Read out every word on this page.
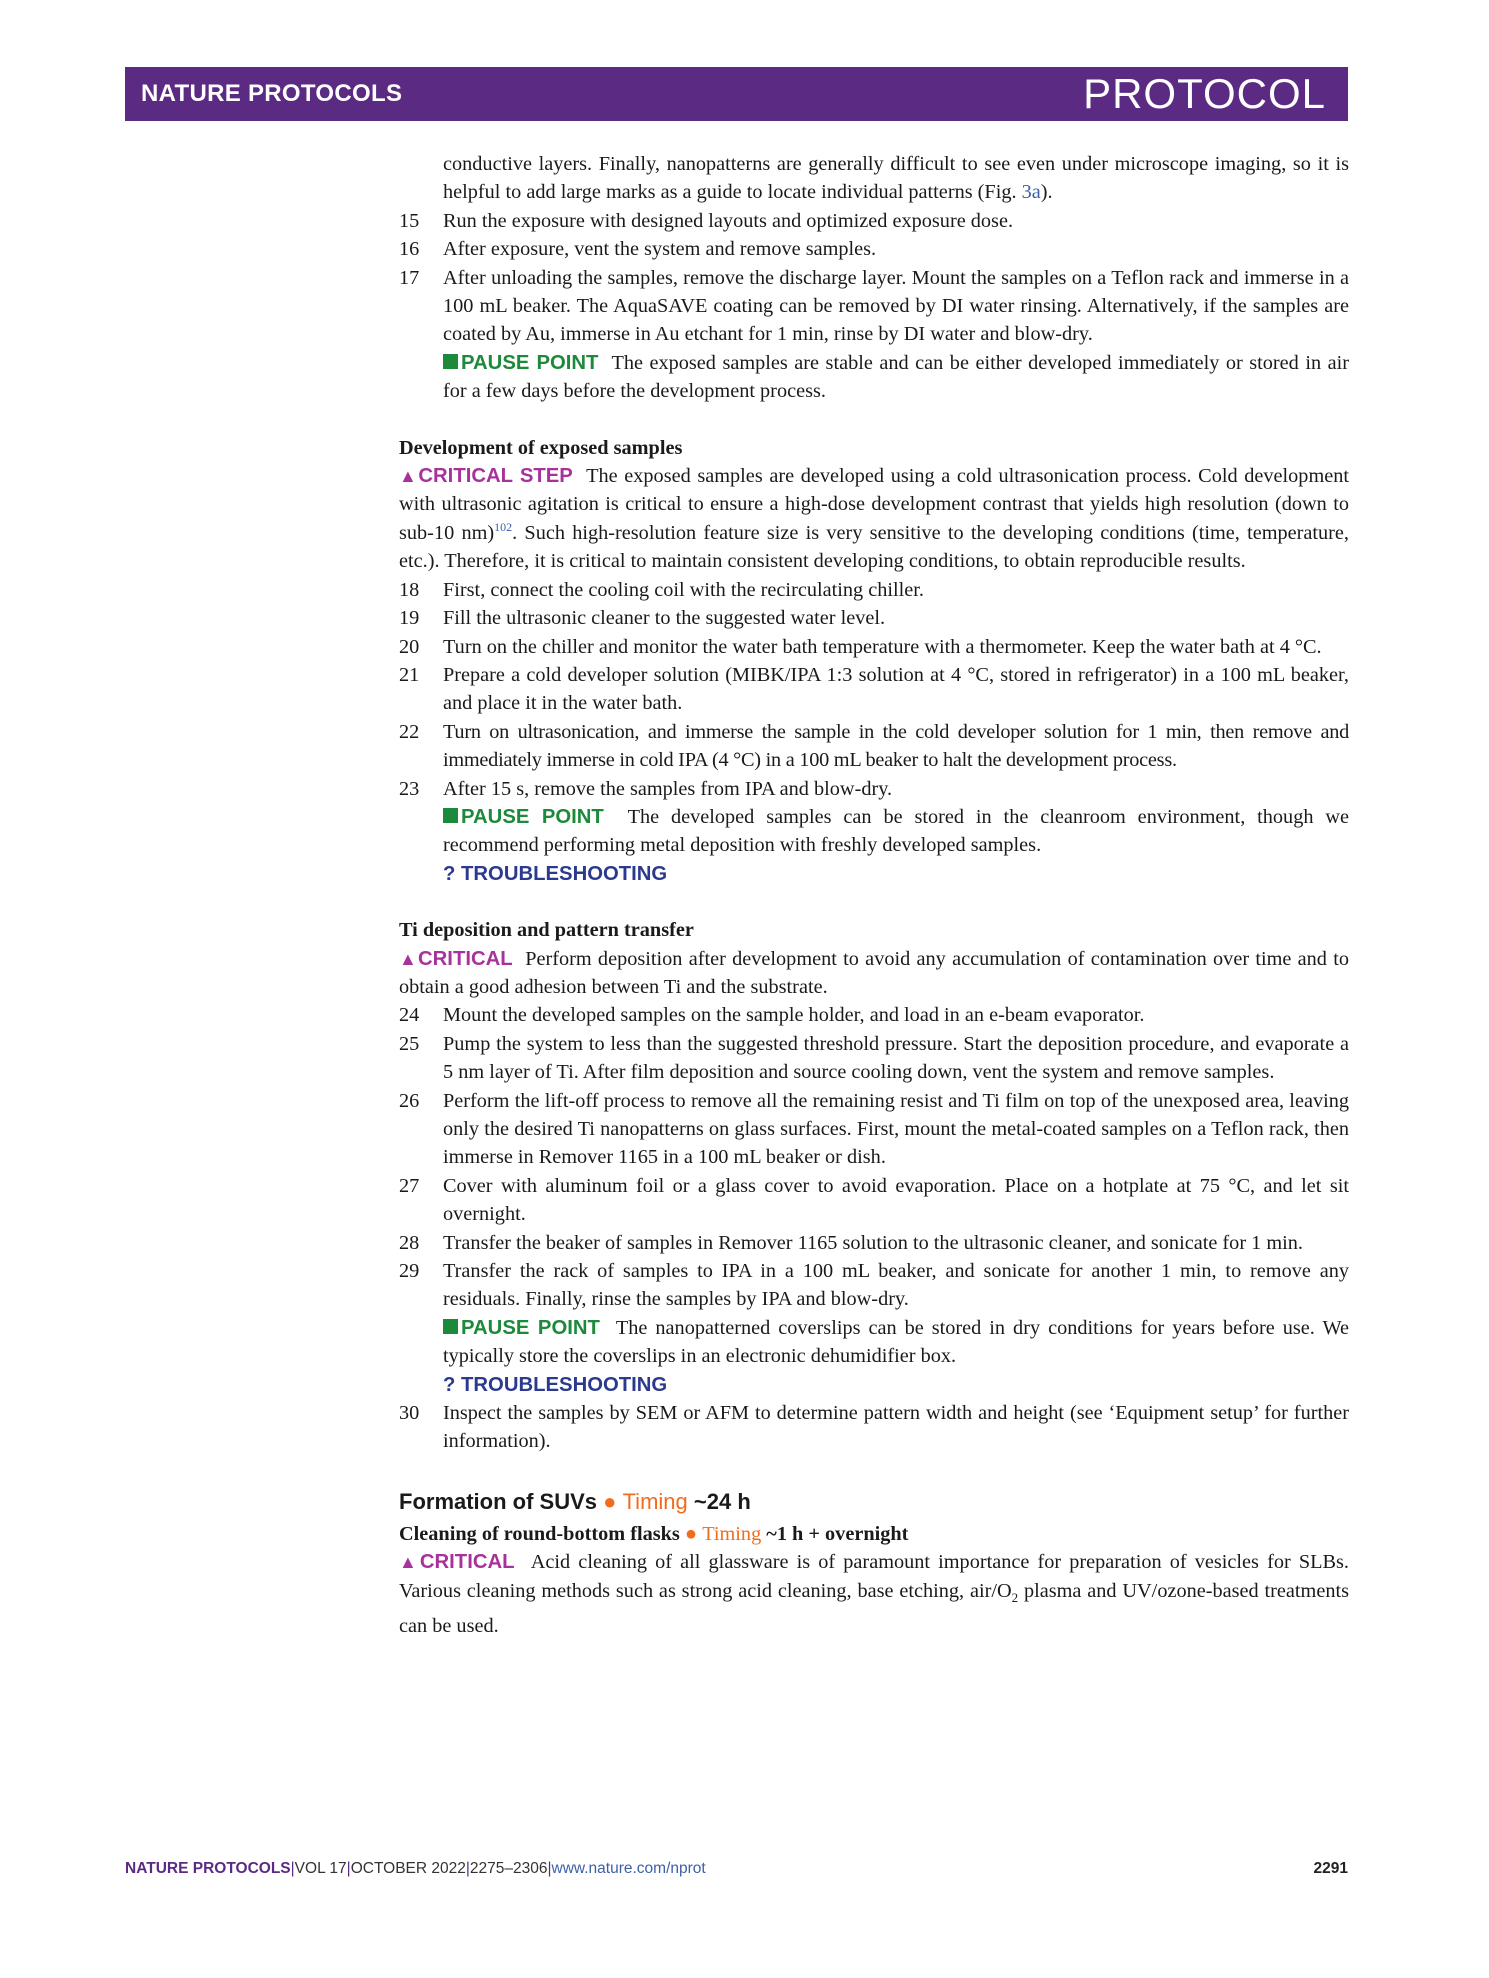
NATURE PROTOCOLS	PROTOCOL

conductive layers. Finally, nanopatterns are generally difficult to see even under microscope imaging, so it is helpful to add large marks as a guide to locate individual patterns (Fig. 3a).

15	Run the exposure with designed layouts and optimized exposure dose.
16	After exposure, vent the system and remove samples.
17	After unloading the samples, remove the discharge layer. Mount the samples on a Teflon rack and immerse in a 100 mL beaker. The AquaSAVE coating can be removed by DI water rinsing. Alternatively, if the samples are coated by Au, immerse in Au etchant for 1 min, rinse by DI water and blow-dry.

PAUSE POINT The exposed samples are stable and can be either developed immediately or stored in air for a few days before the development process.

Development of exposed samples

▲CRITICAL STEP The exposed samples are developed using a cold ultrasonication process. Cold development with ultrasonic agitation is critical to ensure a high-dose development contrast that yields high resolution (down to sub-10 nm)$^{102}$. Such high-resolution feature size is very sensitive to the developing conditions (time, temperature, etc.). Therefore, it is critical to maintain consistent developing conditions, to obtain reproducible results.

18	First, connect the cooling coil with the recirculating chiller.
19	Fill the ultrasonic cleaner to the suggested water level.
20	Turn on the chiller and monitor the water bath temperature with a thermometer. Keep the water bath at 4 °C.
21	Prepare a cold developer solution (MIBK/IPA 1:3 solution at 4 °C, stored in refrigerator) in a 100 mL beaker, and place it in the water bath.
22	Turn on ultrasonication, and immerse the sample in the cold developer solution for 1 min, then remove and immediately immerse in cold IPA (4 °C) in a 100 mL beaker to halt the development process.
23	After 15 s, remove the samples from IPA and blow-dry.

PAUSE POINT The developed samples can be stored in the cleanroom environment, though we recommend performing metal deposition with freshly developed samples.

? TROUBLESHOOTING

Ti deposition and pattern transfer

▲CRITICAL Perform deposition after development to avoid any accumulation of contamination over time and to obtain a good adhesion between Ti and the substrate.

24	Mount the developed samples on the sample holder, and load in an e-beam evaporator.
25	Pump the system to less than the suggested threshold pressure. Start the deposition procedure, and evaporate a 5 nm layer of Ti. After film deposition and source cooling down, vent the system and remove samples.
26	Perform the lift-off process to remove all the remaining resist and Ti film on top of the unexposed area, leaving only the desired Ti nanopatterns on glass surfaces. First, mount the metal-coated samples on a Teflon rack, then immerse in Remover 1165 in a 100 mL beaker or dish.
27	Cover with aluminum foil or a glass cover to avoid evaporation. Place on a hotplate at 75 °C, and let sit overnight.
28	Transfer the beaker of samples in Remover 1165 solution to the ultrasonic cleaner, and sonicate for 1 min.
29	Transfer the rack of samples to IPA in a 100 mL beaker, and sonicate for another 1 min, to remove any residuals. Finally, rinse the samples by IPA and blow-dry.

PAUSE POINT The nanopatterned coverslips can be stored in dry conditions for years before use. We typically store the coverslips in an electronic dehumidifier box.

? TROUBLESHOOTING

30	Inspect the samples by SEM or AFM to determine pattern width and height (see ‘Equipment setup’ for further information).

Formation of SUVs ● Timing ~24 h

Cleaning of round-bottom flasks ● Timing ~1 h + overnight

▲CRITICAL Acid cleaning of all glassware is of paramount importance for preparation of vesicles for SLBs. Various cleaning methods such as strong acid cleaning, base etching, air/$O_2$ plasma and UV/ozone-based treatments can be used.

NATURE PROTOCOLS|VOL 17|OCTOBER 2022|2275–2306|www.nature.com/nprot	2291
